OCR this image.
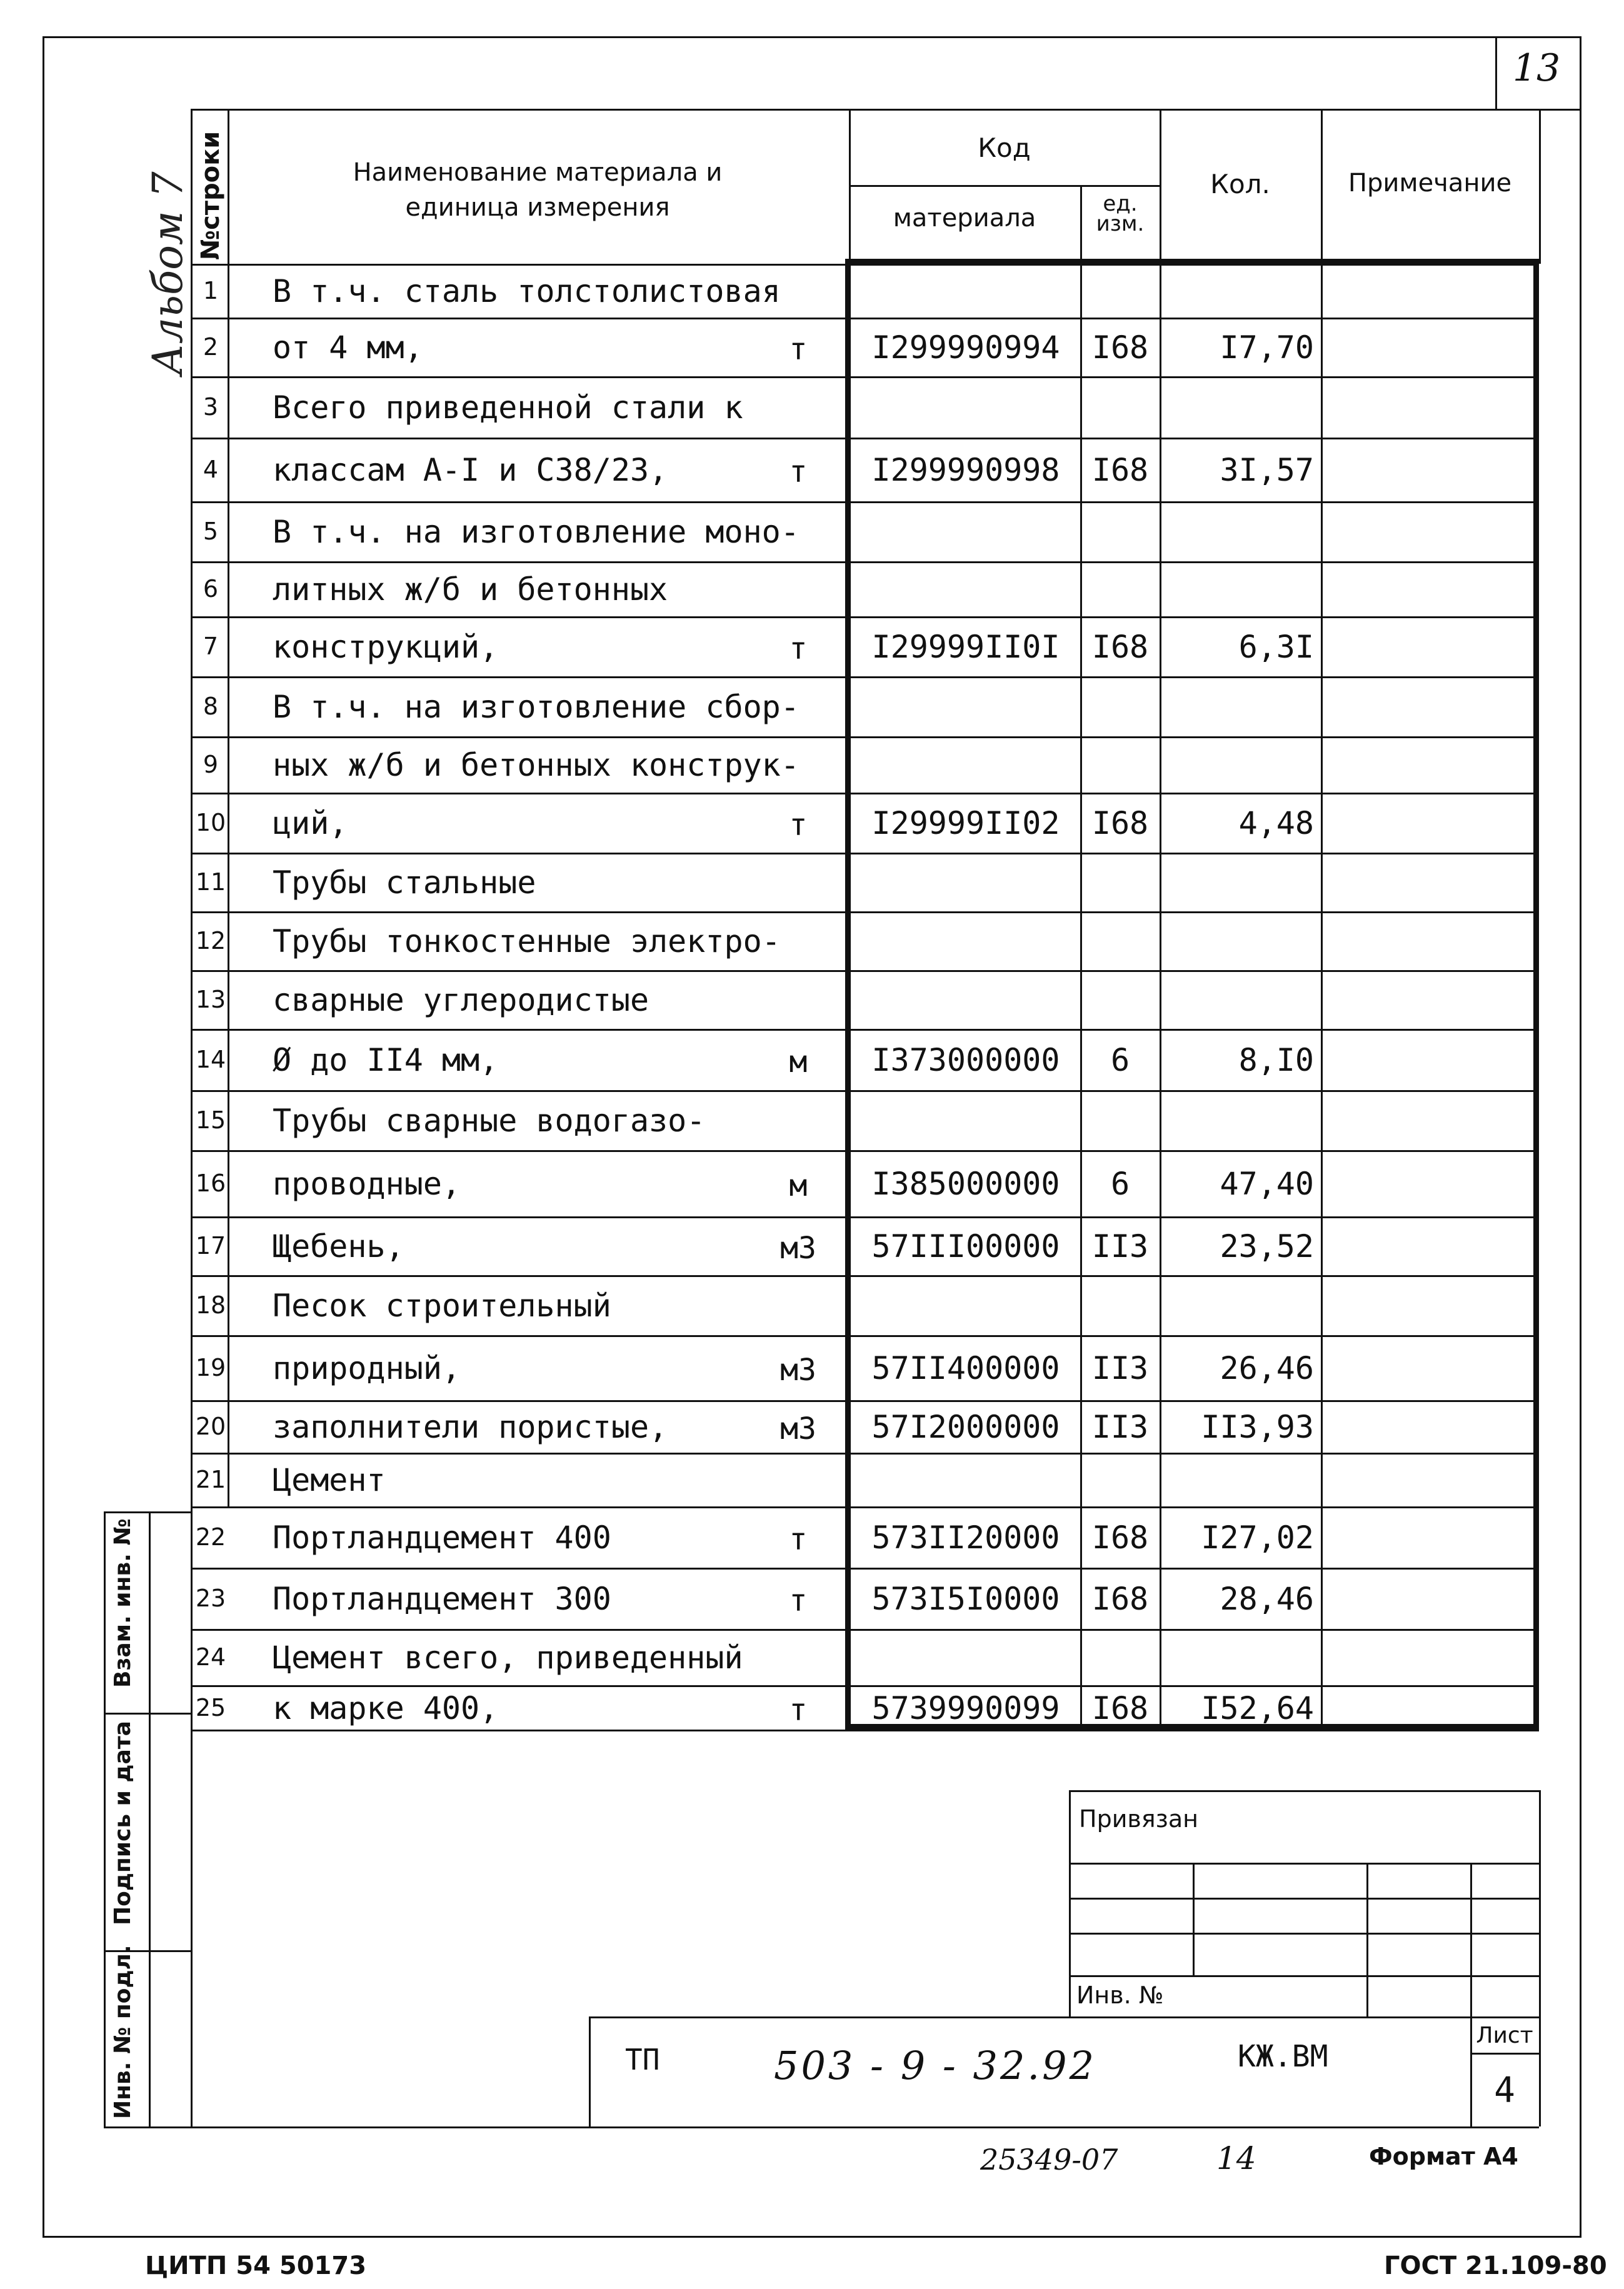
13
Альбом 7 №строки	Наименование материала и единица измерения
Код
материала	ед. изм.
Кол.	Примечание
1 В т.ч. сталь толстолистовая
2 от 4 мм,	т	I299990994	I68	I7,70
3 Всего приведенной стали к
4 классам A-I и C38/23,	т	I299990998	I68	3I,57
5 В т.ч. на изготовление моно-
6 литных ж/б и бетонных
7 конструкций,	т	I29999II0I	I68	6,3I
8 В т.ч. на изготовление сбор-
9 ных ж/б и бетонных конструк-
10 ций,	т	I29999II02	I68	4,48
11 Трубы стальные
12 Трубы тонкостенные электро-
13 сварные углеродистые
14 Ø до II4 мм,	м	I373000000	6	8,I0
15 Трубы сварные водогазо-
16 проводные,	м	I385000000	6	47,40
17 Щебень,	м3	57III00000	II3	23,52
18 Песок строительный
19 природный,	м3	57II400000	II3	26,46
20 заполнители пористые,	м3	57I2000000	II3	II3,93
21 Цемент
22 Портландцемент 400	т	573II20000	I68	I27,02
23 Портландцемент 300	т	573I5I0000	I68	28,46
24 Цемент всего, приведенный
25 к марке 400,	т	5739990099	I68	I52,64
Взам. инв. №
Подпись и дата
Инв. № подл.
Привязан
Инв. №
ТП	503 - 9 - 32.92	КЖ.ВМ
Лист
4
25349-07	14	Формат A4
ЦИТП 54 50173	ГОСТ 21.109-80
